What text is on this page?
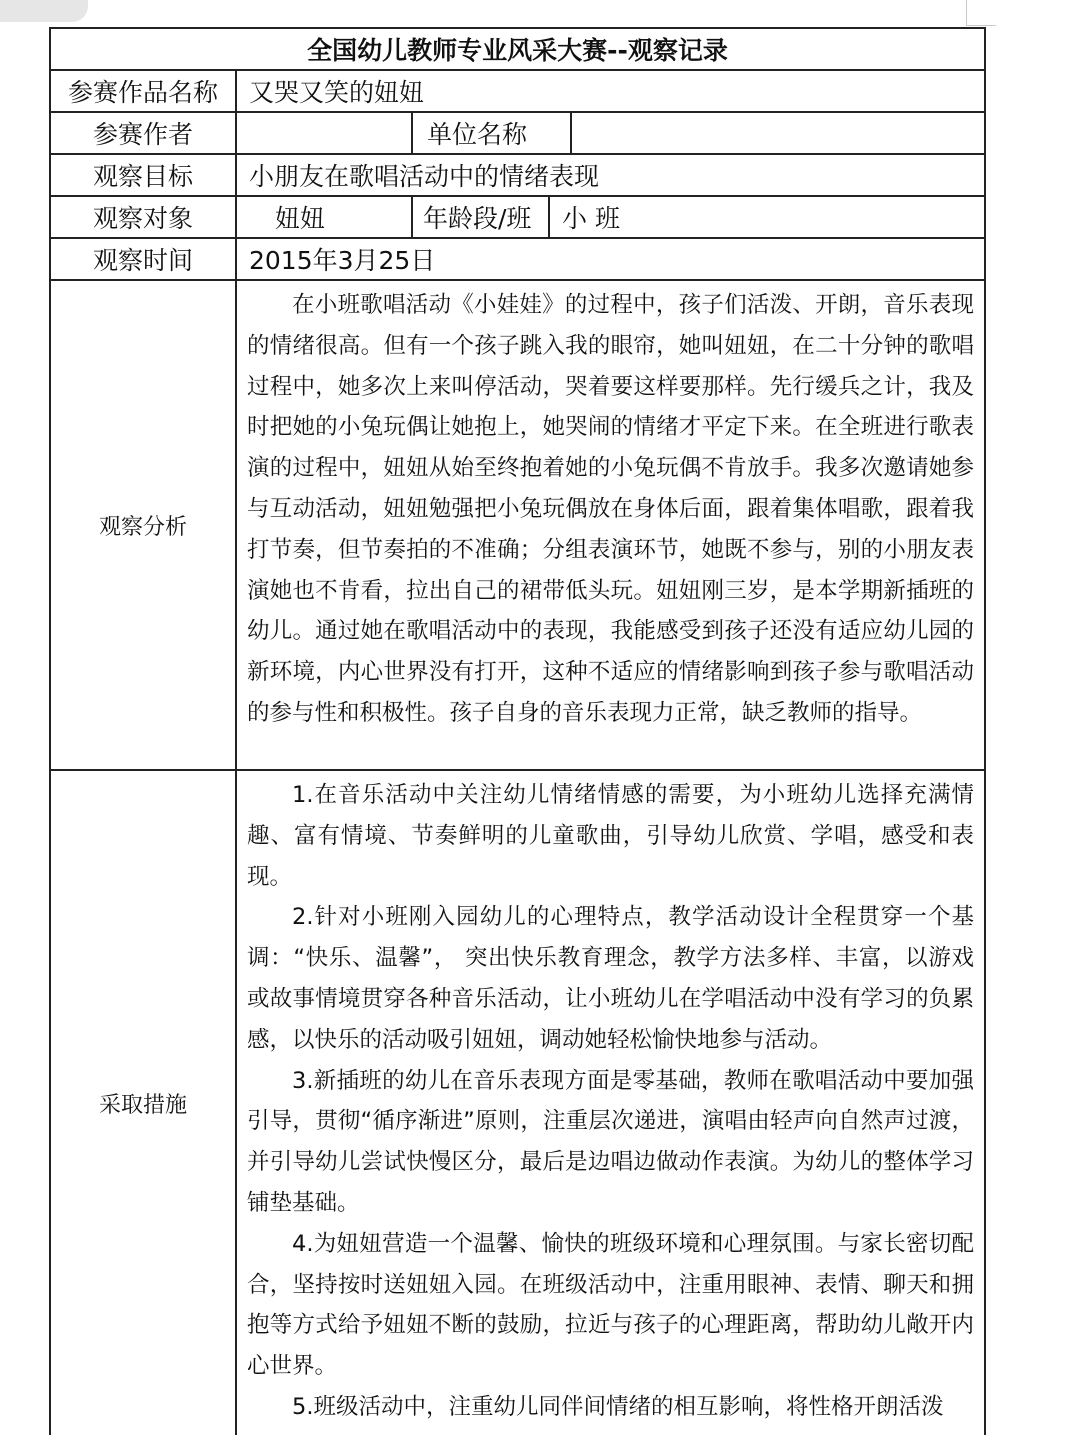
全国幼儿教师专业风采大赛--观察记录				
参赛作品名称	又哭又笑的妞妞			
参赛作者		单位名称		
观察目标	小朋友在歌唱活动中的情绪表现			
观察对象	妞妞	年龄段/班	小 班	
观察时间	2015年3月25日			
观察分析	在小班歌唱活动《小娃娃》的过程中，孩子们活泼、开朗，音乐表现的情绪很高。但有一个孩子跳入我的眼帘，她叫妞妞，在二十分钟的歌唱过程中，她多次上来叫停活动，哭着要这样要那样。先行缓兵之计，我及时把她的小兔玩偶让她抱上，她哭闹的情绪才平定下来。在全班进行歌表演的过程中，妞妞从始至终抱着她的小兔玩偶不肯放手。我多次邀请她参与互动活动，妞妞勉强把小兔玩偶放在身体后面，跟着集体唱歌，跟着我打节奏，但节奏拍的不准确；分组表演环节，她既不参与，别的小朋友表演她也不肯看，拉出自己的裙带低头玩。妞妞刚三岁，是本学期新插班的幼儿。通过她在歌唱活动中的表现，我能感受到孩子还没有适应幼儿园的新环境，内心世界没有打开，这种不适应的情绪影响到孩子参与歌唱活动的参与性和积极性。孩子自身的音乐表现力正常，缺乏教师的指导。			

采取措施	1.在音乐活动中关注幼儿情绪情感的需要，为小班幼儿选择充满情趣、富有情境、节奏鲜明的儿童歌曲，引导幼儿欣赏、学唱，感受和表现。

2.针对小班刚入园幼儿的心理特点，教学活动设计全程贯穿一个基调：“快乐、温馨”， 突出快乐教育理念，教学方法多样、丰富，以游戏或故事情境贯穿各种音乐活动，让小班幼儿在学唱活动中没有学习的负累感，以快乐的活动吸引妞妞，调动她轻松愉快地参与活动。

3.新插班的幼儿在音乐表现方面是零基础，教师在歌唱活动中要加强引导，贯彻“循序渐进”原则，注重层次递进，演唱由轻声向自然声过渡，并引导幼儿尝试快慢区分，最后是边唱边做动作表演。为幼儿的整体学习铺垫基础。

4.为妞妞营造一个温馨、愉快的班级环境和心理氛围。与家长密切配合，坚持按时送妞妞入园。在班级活动中，注重用眼神、表情、聊天和拥抱等方式给予妞妞不断的鼓励，拉近与孩子的心理距离，帮助幼儿敞开内心世界。

5.班级活动中，注重幼儿同伴间情绪的相互影响，将性格开朗活泼			
